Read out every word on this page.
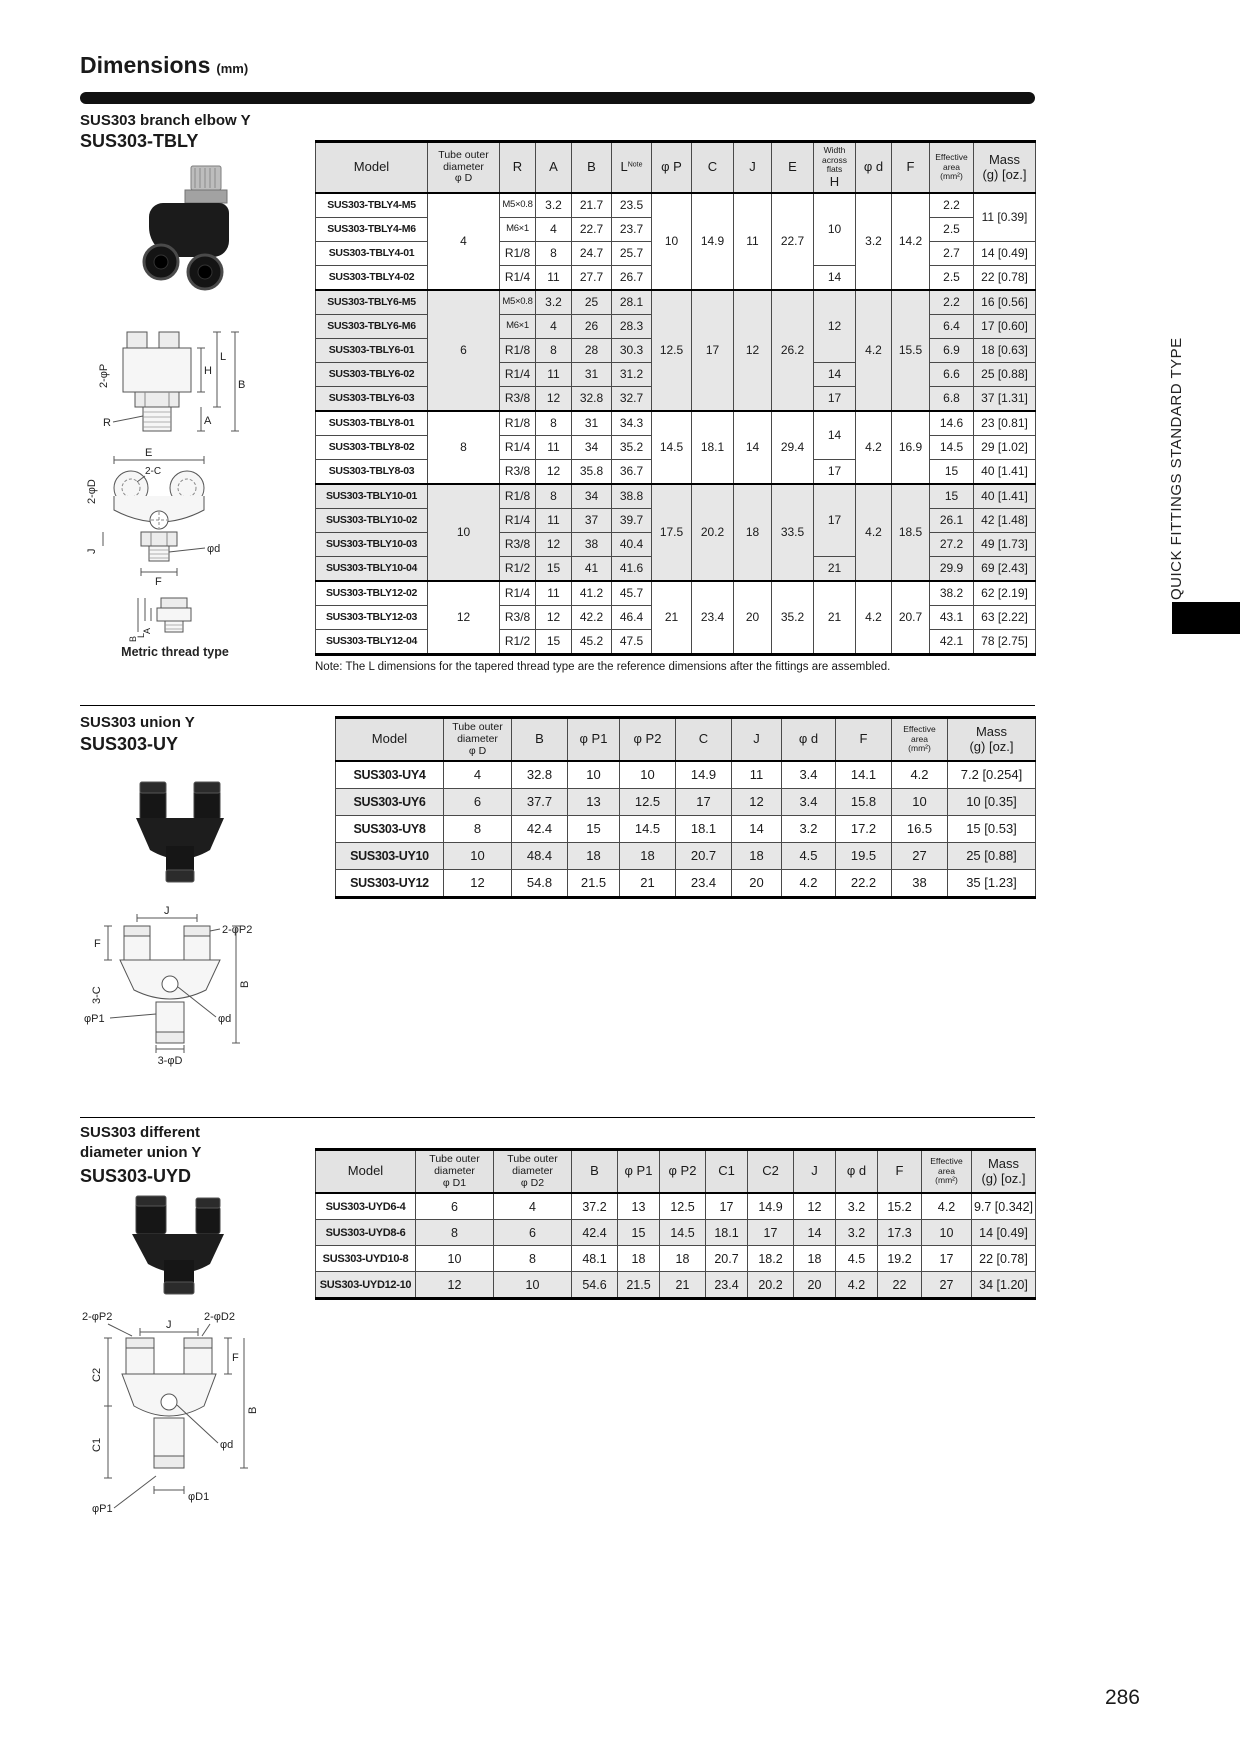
Dimensions (mm)
SUS303 branch elbow Y
SUS303-TBLY
2-φP
R
H
L
B
A
E
2-C
2-φD
J	φd
F
B
L
A
Metric thread type
Model

Tube outer
diameter
φ D

R	A	B	$L^{Note}$	φ P	C	J	E

Width
across
flats
H

φ d	F

Effective
area
(mm²)

Mass
(g) [oz.]

SUS303-TBLY4-M5	4	M5×0.8	3.2	21.7	23.5	10	14.9	11	22.7	10	3.2	14.2	2.2	11 [0.39]
SUS303-TBLY4-M6		M6×1	4	22.7	23.7								2.5	
SUS303-TBLY4-01		R1/8	8	24.7	25.7								2.7	14 [0.49]
SUS303-TBLY4-02		R1/4	11	27.7	26.7					14			2.5	22 [0.78]
SUS303-TBLY6-M5	6	M5×0.8	3.2	25	28.1	12.5	17	12	26.2	12	4.2	15.5	2.2	16 [0.56]
SUS303-TBLY6-M6		M6×1	4	26	28.3								6.4	17 [0.60]
SUS303-TBLY6-01		R1/8	8	28	30.3								6.9	18 [0.63]
SUS303-TBLY6-02		R1/4	11	31	31.2					14			6.6	25 [0.88]
SUS303-TBLY6-03		R3/8	12	32.8	32.7					17			6.8	37 [1.31]
SUS303-TBLY8-01	8	R1/8	8	31	34.3	14.5	18.1	14	29.4	14	4.2	16.9	14.6	23 [0.81]
SUS303-TBLY8-02		R1/4	11	34	35.2								14.5	29 [1.02]
SUS303-TBLY8-03		R3/8	12	35.8	36.7					17			15	40 [1.41]
SUS303-TBLY10-01	10	R1/8	8	34	38.8	17.5	20.2	18	33.5	17	4.2	18.5	15	40 [1.41]
SUS303-TBLY10-02		R1/4	11	37	39.7								26.1	42 [1.48]
SUS303-TBLY10-03		R3/8	12	38	40.4								27.2	49 [1.73]
SUS303-TBLY10-04		R1/2	15	41	41.6					21			29.9	69 [2.43]
SUS303-TBLY12-02	12	R1/4	11	41.2	45.7	21	23.4	20	35.2	21	4.2	20.7	38.2	62 [2.19]
SUS303-TBLY12-03		R3/8	12	42.2	46.4								43.1	63 [2.22]
SUS303-TBLY12-04		R1/2	15	45.2	47.5								42.1	78 [2.75]
Note: The L dimensions for the tapered thread type are the reference dimensions after the fittings are assembled.
SUS303 union Y
SUS303-UY
J
F
2-φP2
B
3-C
φP1	φd
3-φD
Model

Tube outer
diameter
φ D

B	φ P1	φ P2	C	J	φ d	F

Effective
area
(mm²)

Mass
(g) [oz.]

SUS303-UY4	4	32.8	10	10	14.9	11	3.4	14.1	4.2	7.2 [0.254]
SUS303-UY6	6	37.7	13	12.5	17	12	3.4	15.8	10	10 [0.35]
SUS303-UY8	8	42.4	15	14.5	18.1	14	3.2	17.2	16.5	15 [0.53]
SUS303-UY10	10	48.4	18	18	20.7	18	4.5	19.5	27	25 [0.88]
SUS303-UY12	12	54.8	21.5	21	23.4	20	4.2	22.2	38	35 [1.23]
SUS303 different
diameter union Y
SUS303-UYD
2-φP2
J
2-φD2
C2
F
B
C1	φd
φD1
φP1
Model

Tube outer
diameter
φ D1

Tube outer
diameter
φ D2

B	φ P1	φ P2	C1	C2	J	φ d	F

Effective
area
(mm²)

Mass
(g) [oz.]

SUS303-UYD6-4	6	4	37.2	13	12.5	17	14.9	12	3.2	15.2	4.2	9.7 [0.342]
SUS303-UYD8-6	8	6	42.4	15	14.5	18.1	17	14	3.2	17.3	10	14 [0.49]
SUS303-UYD10-8	10	8	48.1	18	18	20.7	18.2	18	4.5	19.2	17	22 [0.78]
SUS303-UYD12-10	12	10	54.6	21.5	21	23.4	20.2	20	4.2	22	27	34 [1.20]
QUICK FITTINGS STANDARD TYPE
286
